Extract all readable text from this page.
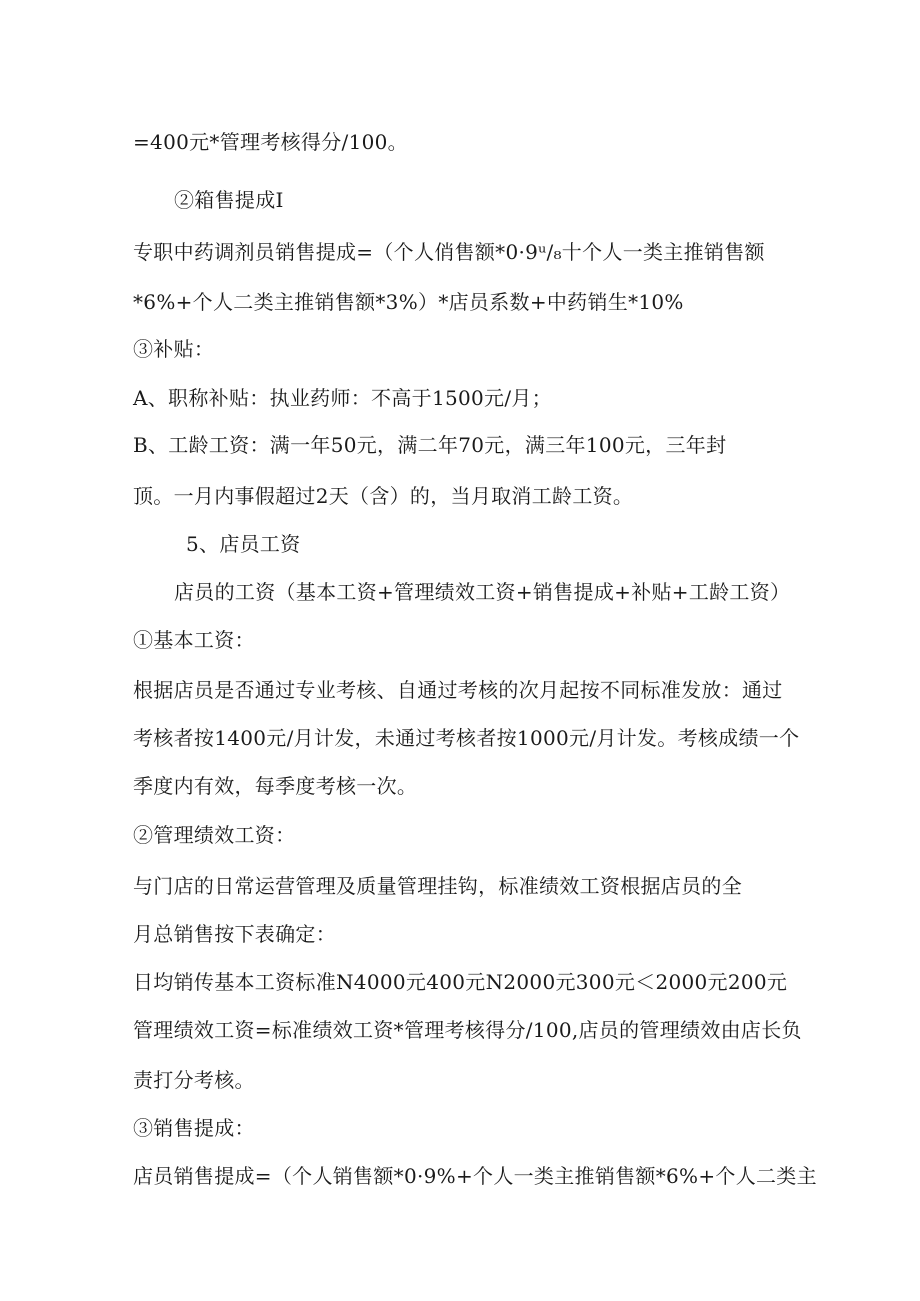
=400元*管理考核得分/100。
②箱售提成I
专职中药调剂员销售提成=（个人俏售额*0·9ᵘ/₈十个人一类主推销售额
*6%+个人二类主推销售额*3%）*店员系数+中药销生*10%
③补贴：
A、职称补贴：执业药师：不高于1500元/月；
B、工龄工资：满一年50元，满二年70元，满三年100元，三年封
顶。一月内事假超过2天（含）的，当月取消工龄工资。
5、店员工资
店员的工资（基本工资+管理绩效工资+销售提成+补贴+工龄工资）
①基本工资：
根据店员是否通过专业考核、自通过考核的次月起按不同标准发放：通过
考核者按1400元/月计发，未通过考核者按1000元/月计发。考核成绩一个
季度内有效，每季度考核一次。
②管理绩效工资：
与门店的日常运营管理及质量管理挂钩，标准绩效工资根据店员的全
月总销售按下表确定：
日均销传基本工资标准N4000元400元N2000元300元＜2000元200元
管理绩效工资=标准绩效工资*管理考核得分/100,店员的管理绩效由店长负
责打分考核。
③销售提成：
店员销售提成=（个人销售额*0·9%+个人一类主推销售额*6%+个人二类主
